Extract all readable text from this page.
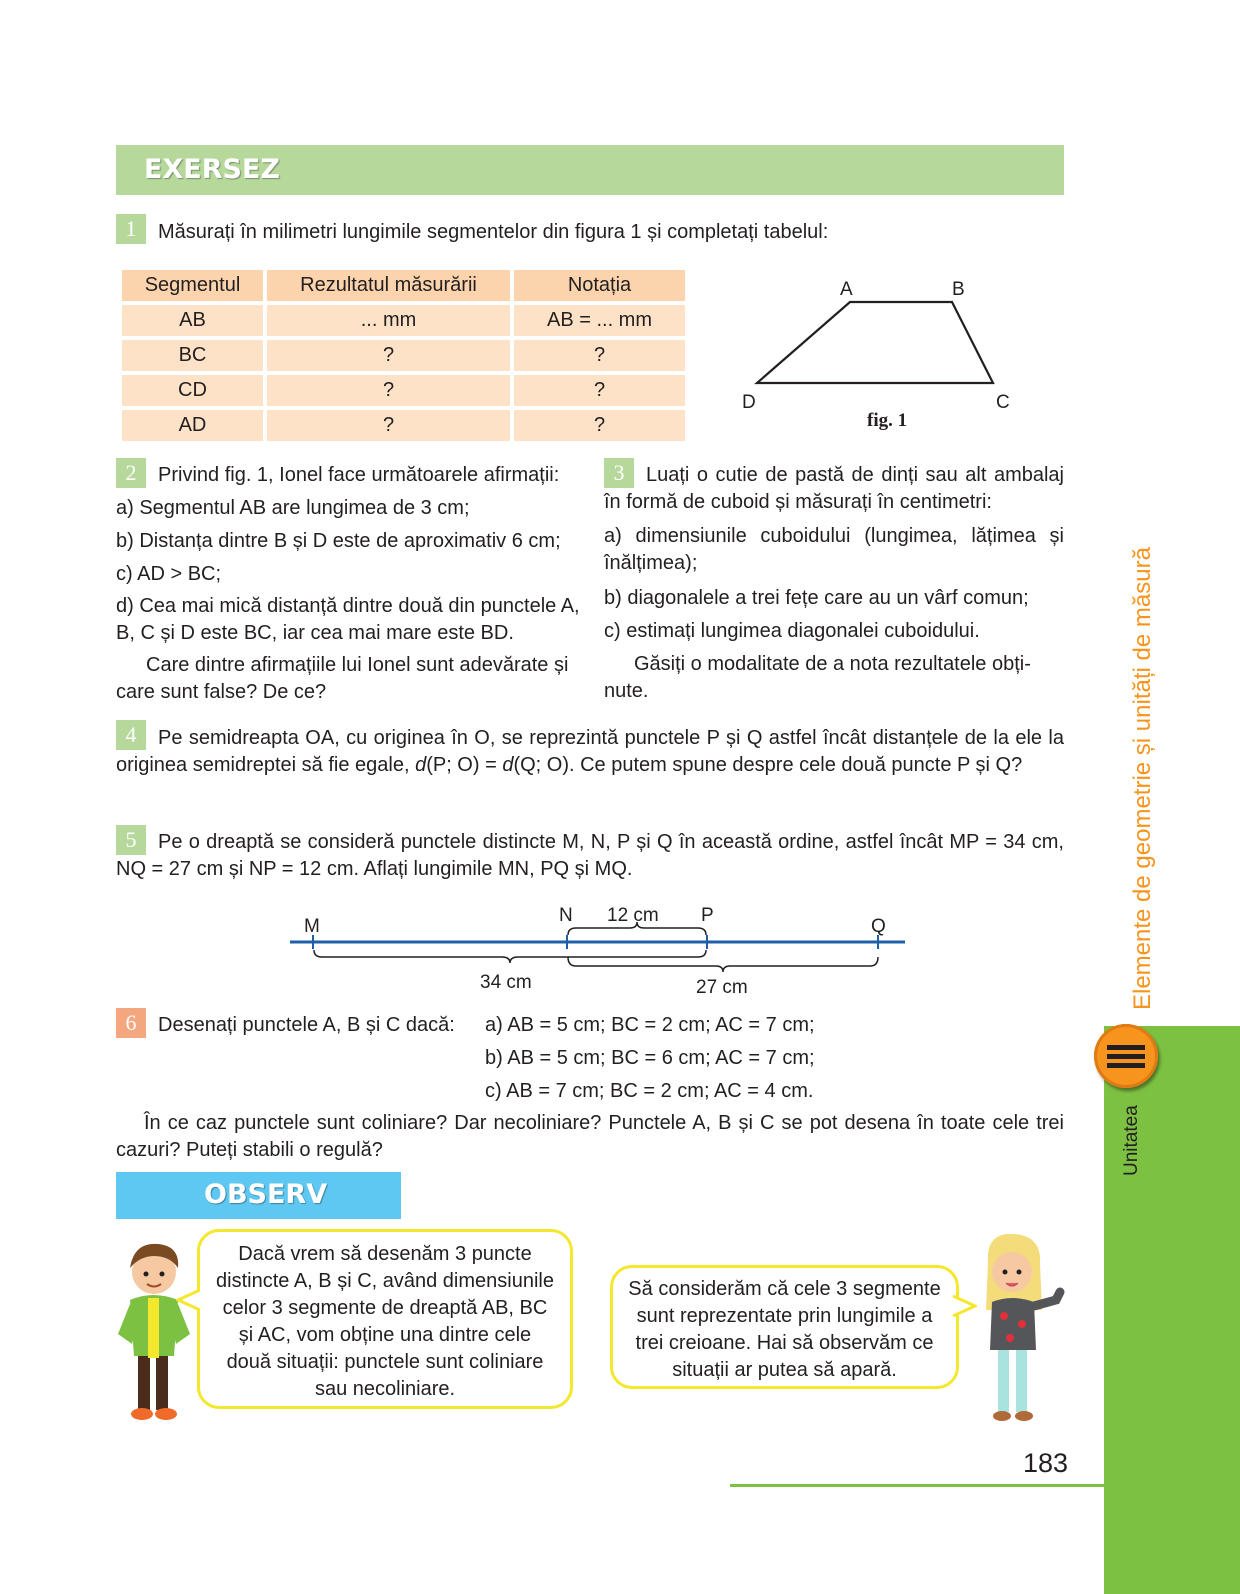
Elemente de geometrie și unități de măsură
Unitatea
EXERSEZ
1	Măsurați în milimetri lungimile segmentelor din figura 1 și completați tabelul:
Segmentul	Rezultatul măsurării	Notația
AB	... mm	AB = ... mm
BC	?	?
CD	?	?
AD	?	?
A	B
C
D
fig. 1
2	Privind fig. 1, Ionel face următoarele afirmații:
a) Segmentul AB are lungimea de 3 cm;
b) Distanța dintre B și D este de aproximativ 6 cm;
c) AD > BC;
d) Cea mai mică distanță dintre două din punctele A, B, C și D este BC, iar cea mai mare este BD.
Care dintre afirmațiile lui Ionel sunt adevărate și care sunt false? De ce?
3	Luați o cutie de pastă de dinți sau alt ambalaj în formă de cuboid și măsurați în centimetri:
a) dimensiunile cuboidului (lungimea, lățimea și înălțimea);
b) diagonalele a trei fețe care au un vârf comun;
c) estimați lungimea diagonalei cuboidului.
Găsiți o modalitate de a nota rezultatele obți-nute.
4	Pe semidreapta OA, cu originea în O, se reprezintă punctele P și Q astfel încât distanțele de la ele la originea semidreptei să fie egale, d(P; O) = d(Q; O). Ce putem spune despre cele două puncte P și Q?
5	Pe o dreaptă se consideră punctele distincte M, N, P și Q în această ordine, astfel încât MP = 34 cm, NQ = 27 cm și NP = 12 cm. Aflați lungimile MN, PQ și MQ.
M
N	P
Q
12 cm
34 cm	27 cm
6	Desenați punctele A, B și C dacă:	a) AB = 5 cm; BC = 2 cm; AC = 7 cm;
b) AB = 5 cm; BC = 6 cm; AC = 7 cm;
c) AB = 7 cm; BC = 2 cm; AC = 4 cm.
În ce caz punctele sunt coliniare? Dar necoliniare? Punctele A, B și C se pot desena în toate cele trei cazuri? Puteți stabili o regulă?
OBSERV
Dacă vrem să desenăm 3 puncte distincte A, B și C, având dimensiunile celor 3 segmente de dreaptă AB, BC și AC, vom obține una dintre cele două situații: punctele sunt coliniare sau necoliniare.
Să considerăm că cele 3 segmente sunt reprezentate prin lungimile a trei creioane. Hai să observăm ce situații ar putea să apară.
183
